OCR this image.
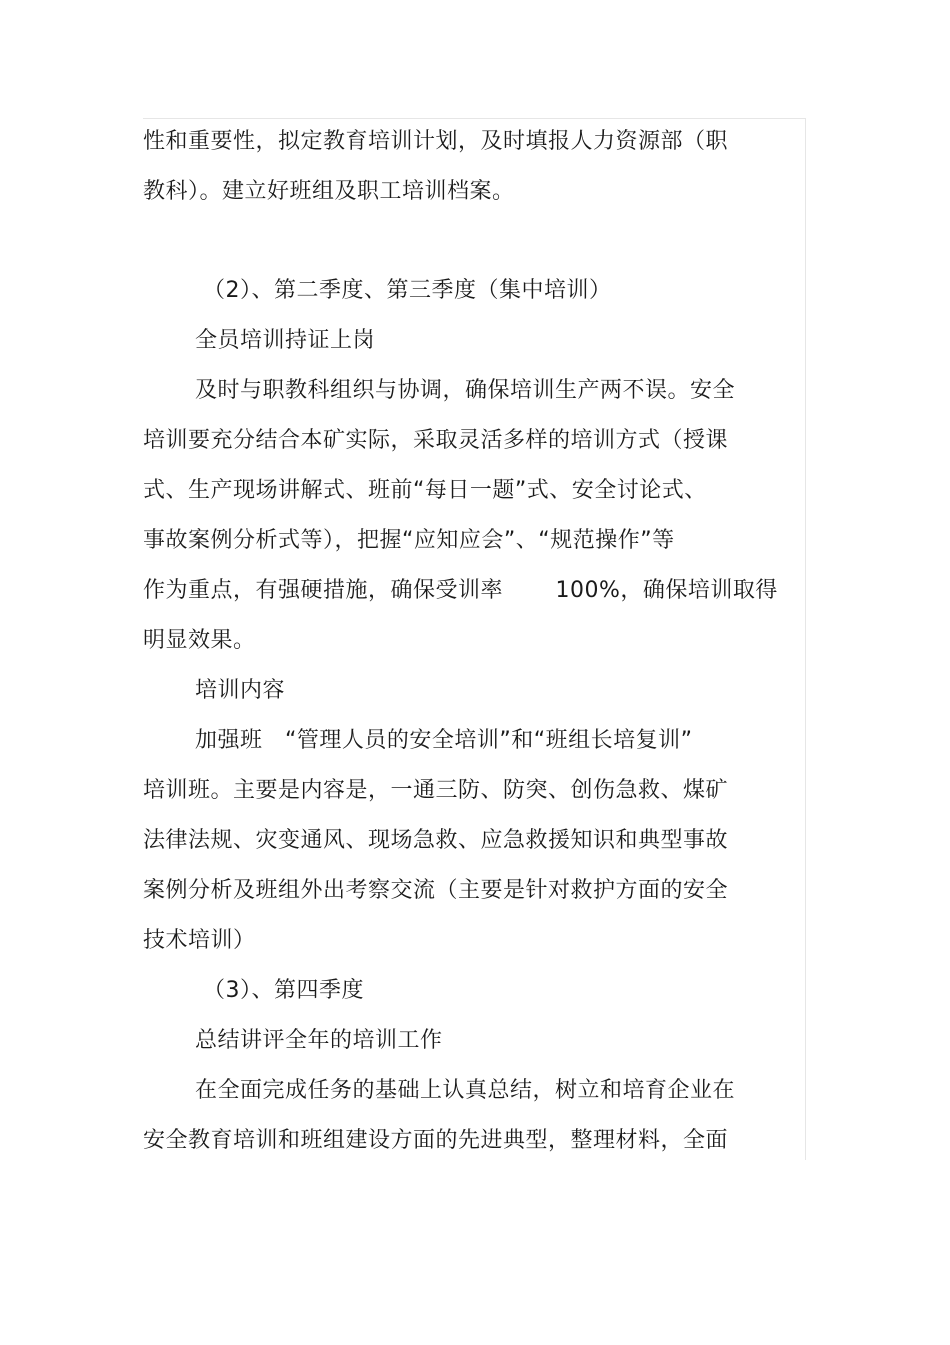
性和重要性，拟定教育培训计划，及时填报人力资源部（职
教科）。建立好班组及职工培训档案。
（2）、第二季度、第三季度（集中培训）
全员培训持证上岗
及时与职教科组织与协调，确保培训生产两不误。安全
培训要充分结合本矿实际，采取灵活多样的培训方式（授课
式、生产现场讲解式、班前“每日一题”式、安全讨论式、
事故案例分析式等），把握“应知应会”、“规范操作”等
作为重点，有强硬措施，确保受训率       100%，确保培训取得
明显效果。
培训内容
加强班   “管理人员的安全培训”和“班组长培复训”
培训班。主要是内容是，一通三防、防突、创伤急救、煤矿
法律法规、灾变通风、现场急救、应急救援知识和典型事故
案例分析及班组外出考察交流（主要是针对救护方面的安全
技术培训）
（3）、第四季度
总结讲评全年的培训工作
在全面完成任务的基础上认真总结，树立和培育企业在
安全教育培训和班组建设方面的先进典型，整理材料，全面
